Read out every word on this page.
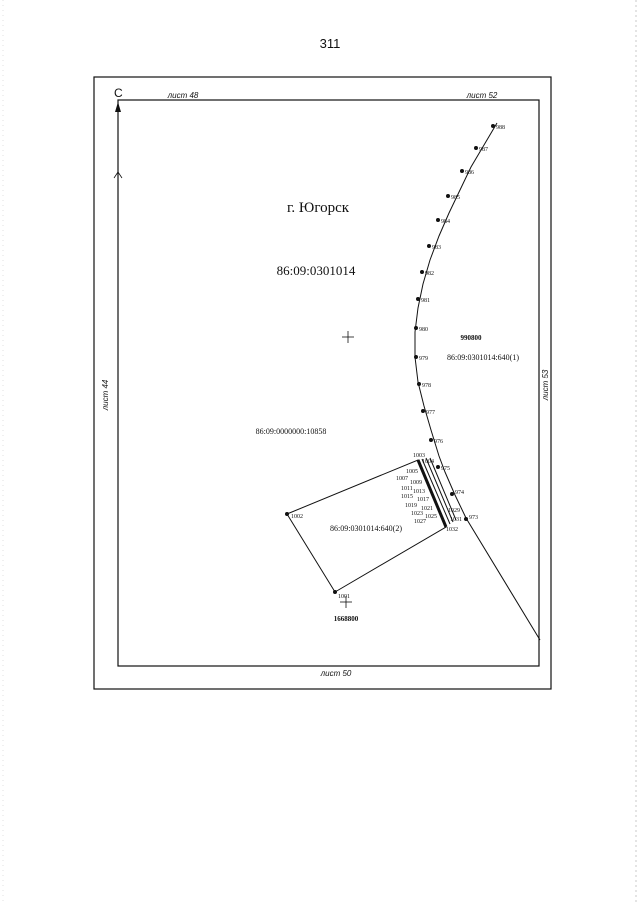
311
С	лист 48	лист 52
лист 44	лист 53
лист 50
г. Югорск
86:09:0301014
86:09:0301014:640(1)
990800
86:09:0000000:10858
86:09:0301014:640(2)
1668800
988
987
986
985
984
983
982
981
980
979
978
977
976
975
974
973
1001
1002
1003
1004
1005
1007
1009
1011 1013
1015 1017
1019 1021
1023 1025
1027
1029
1031
1032
